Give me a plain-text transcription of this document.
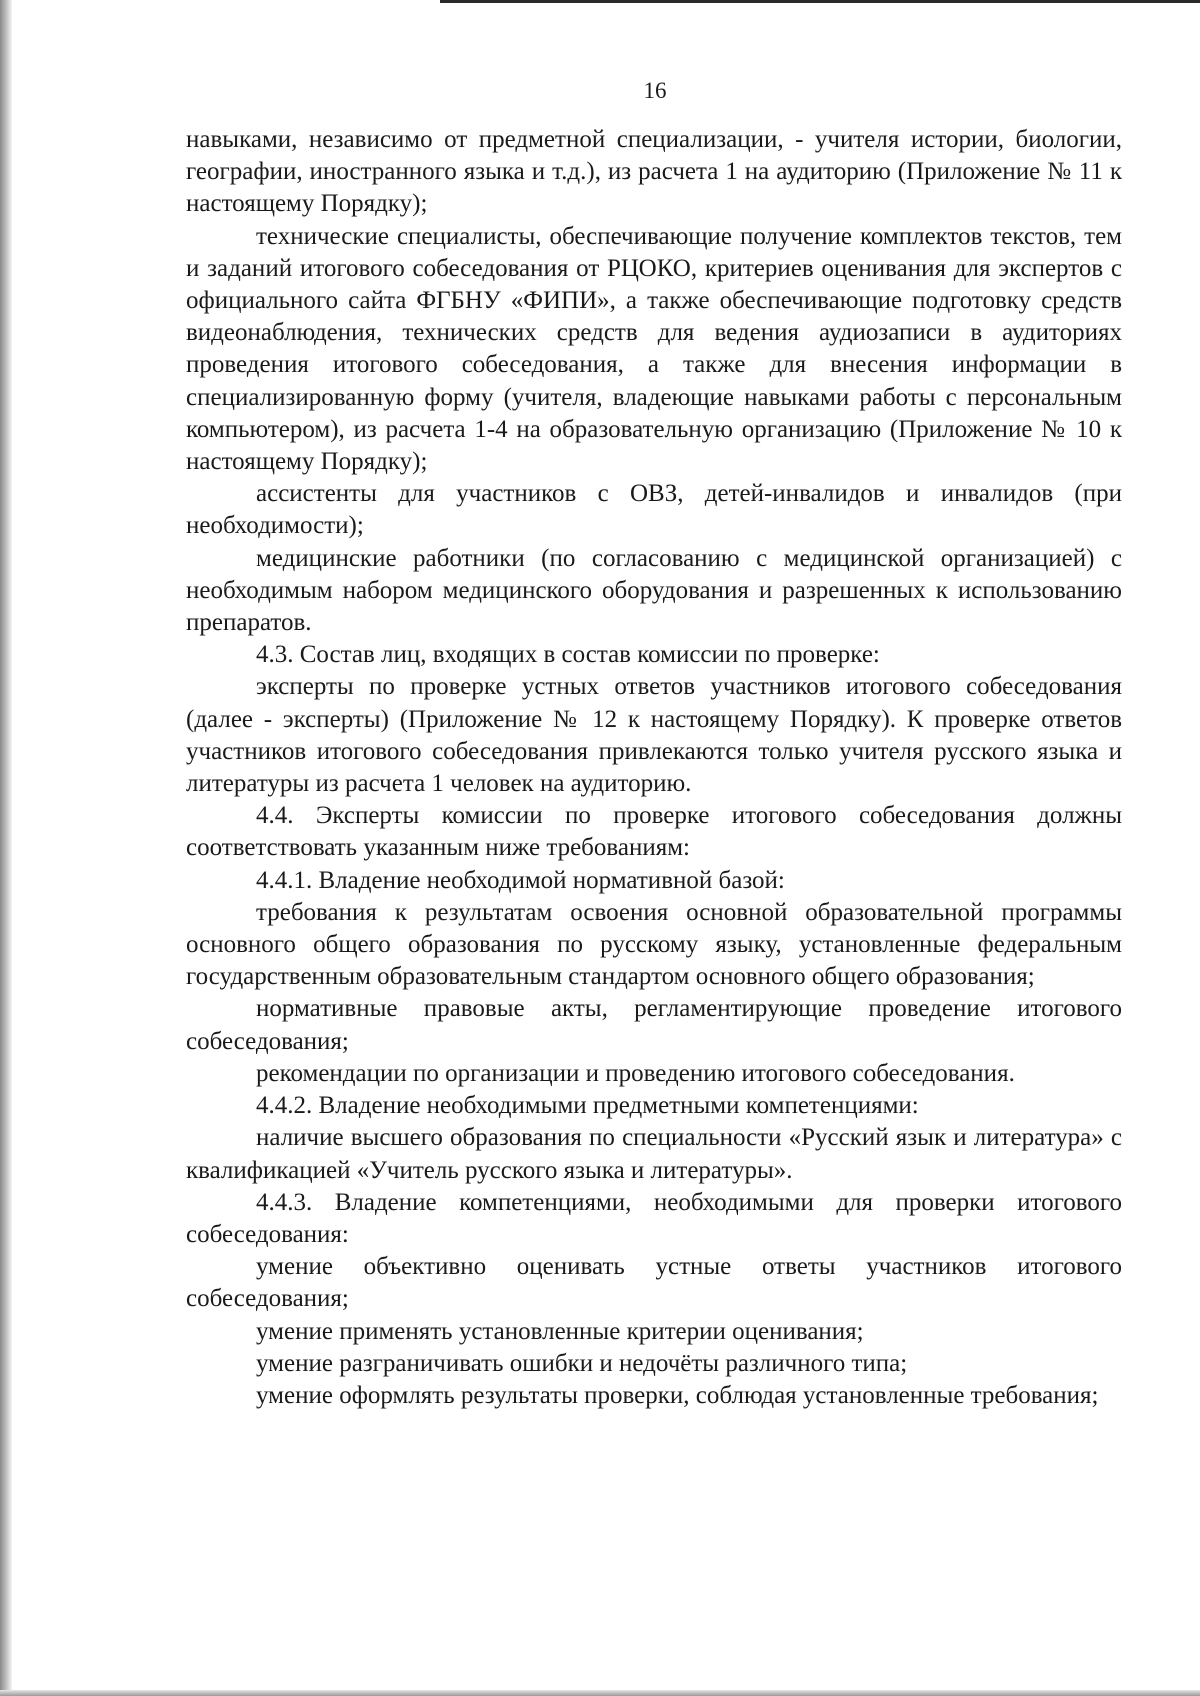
16

навыками, независимо от предметной специализации, - учителя истории, биологии, географии, иностранного языка и т.д.), из расчета 1 на аудиторию (Приложение № 11 к настоящему Порядку);

технические специалисты, обеспечивающие получение комплектов текстов, тем и заданий итогового собеседования от РЦОКО, критериев оценивания для экспертов с официального сайта ФГБНУ «ФИПИ», а также обеспечивающие подготовку средств видеонаблюдения, технических средств для ведения аудиозаписи в аудиториях проведения итогового собеседования, а также для внесения информации в специализированную форму (учителя, владеющие навыками работы с персональным компьютером), из расчета 1-4 на образовательную организацию (Приложение № 10 к настоящему Порядку);

ассистенты для участников с ОВЗ, детей-инвалидов и инвалидов (при необходимости);

медицинские работники (по согласованию с медицинской организацией) с необходимым набором медицинского оборудования и разрешенных к использованию препаратов.

4.3. Состав лиц, входящих в состав комиссии по проверке:

эксперты по проверке устных ответов участников итогового собеседования (далее - эксперты) (Приложение № 12 к настоящему Порядку). К проверке ответов участников итогового собеседования привлекаются только учителя русского языка и литературы из расчета 1 человек на аудиторию.

4.4. Эксперты комиссии по проверке итогового собеседования должны соответствовать указанным ниже требованиям:

4.4.1. Владение необходимой нормативной базой:

требования к результатам освоения основной образовательной программы основного общего образования по русскому языку, установленные федеральным государственным образовательным стандартом основного общего образования;

нормативные правовые акты, регламентирующие проведение итогового собеседования;

рекомендации по организации и проведению итогового собеседования.

4.4.2. Владение необходимыми предметными компетенциями:

наличие высшего образования по специальности «Русский язык и литература» с квалификацией «Учитель русского языка и литературы».

4.4.3. Владение компетенциями, необходимыми для проверки итогового собеседования:

умение объективно оценивать устные ответы участников итогового собеседования;

умение применять установленные критерии оценивания;

умение разграничивать ошибки и недочёты различного типа;

умение оформлять результаты проверки, соблюдая установленные требования;
